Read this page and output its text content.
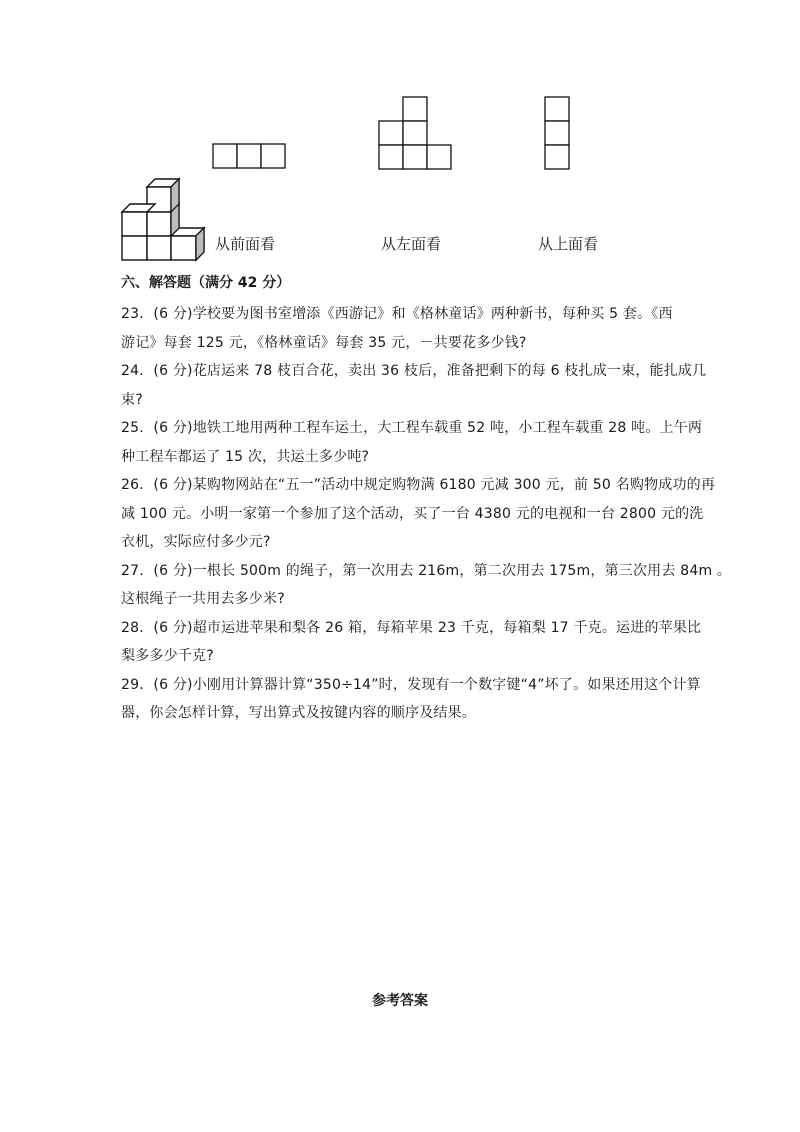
从前面看	从左面看	从上面看
六、解答题（满分 42 分）
23．(6 分)学校要为图书室增添《西游记》和《格林童话》两种新书，每种买 5 套。《西
游记》每套 125 元，《格林童话》每套 35 元，－共要花多少钱?
24．(6 分)花店运来 78 枝百合花，卖出 36 枝后，准备把剩下的每 6 枝扎成一束，能扎成几
束?
25．(6 分)地铁工地用两种工程车运土，大工程车载重 52 吨，小工程车载重 28 吨。上午两
种工程车都运了 15 次，共运土多少吨?
26．(6 分)某购物网站在“五一”活动中规定购物满 6180 元减 300 元，前 50 名购物成功的再
减 100 元。小明一家第一个参加了这个活动，买了一台 4380 元的电视和一台 2800 元的洗
衣机，实际应付多少元?
27．(6 分)一根长 500m 的绳子，第一次用去 216m，第二次用去 175m，第三次用去 84m 。
这根绳子一共用去多少米?
28．(6 分)超市运进苹果和梨各 26 箱，每箱苹果 23 千克，每箱梨 17 千克。运进的苹果比
梨多多少千克?
29．(6 分)小刚用计算器计算“350÷14”时，发现有一个数字键“4”坏了。如果还用这个计算
器，你会怎样计算，写出算式及按键内容的顺序及结果。
参考答案
